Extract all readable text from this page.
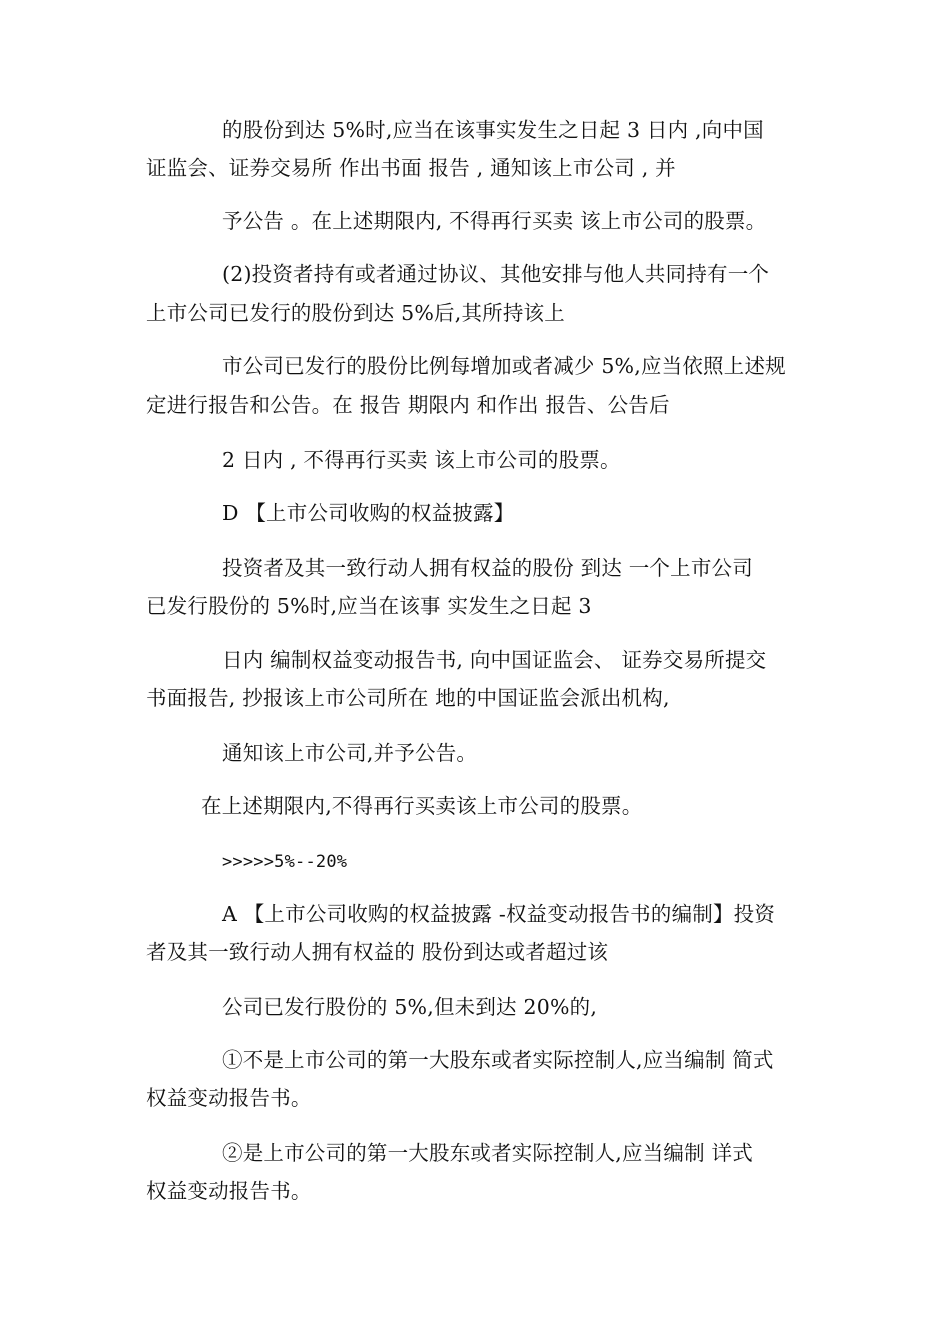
的股份到达 5%时,应当在该事实发生之日起 3 日内 ,向中国

证监会、证券交易所 作出书面 报告 , 通知该上市公司 , 并

予公告 。在上述期限内, 不得再行买卖 该上市公司的股票。

(2)投资者持有或者通过协议、其他安排与他人共同持有一个

上市公司已发行的股份到达 5%后,其所持该上

市公司已发行的股份比例每增加或者减少 5%,应当依照上述规

定进行报告和公告。在 报告 期限内 和作出 报告、公告后

2 日内 , 不得再行买卖 该上市公司的股票。

D 【上市公司收购的权益披露】

投资者及其一致行动人拥有权益的股份 到达 一个上市公司

已发行股份的 5%时,应当在该事 实发生之日起 3

日内 编制权益变动报告书, 向中国证监会、 证券交易所提交

书面报告, 抄报该上市公司所在 地的中国证监会派出机构,

通知该上市公司,并予公告。

在上述期限内,不得再行买卖该上市公司的股票。

>>>>>5%--20%

A 【上市公司收购的权益披露 -权益变动报告书的编制】投资

者及其一致行动人拥有权益的 股份到达或者超过该

公司已发行股份的 5%,但未到达 20%的,

①不是上市公司的第一大股东或者实际控制人,应当编制 简式

权益变动报告书。

②是上市公司的第一大股东或者实际控制人,应当编制 详式

权益变动报告书。
